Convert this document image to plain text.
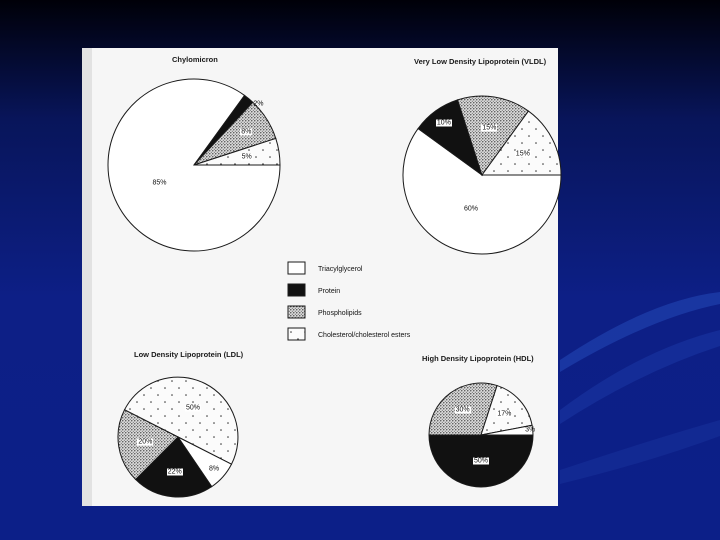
Chylomicron	Very Low Density Lipoprotein (VLDL)
Low Density Lipoprotein (LDL)	High Density Lipoprotein (HDL)
Triacylglycerol
Protein
Phospholipids
Cholesterol/cholesterol esters
85%
2%
8%
5%
60%
10%
15%
15%
50%
8%
22%
20%
30%
17%
3%
50%
